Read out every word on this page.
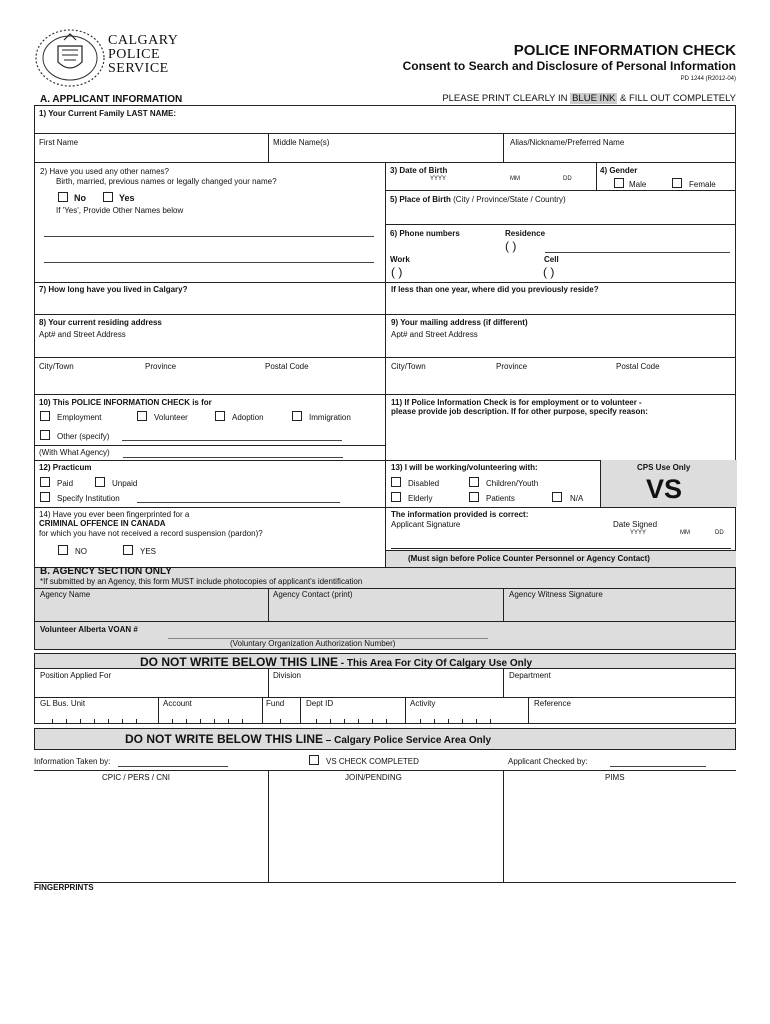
CALGARY
POLICE
SERVICE
POLICE INFORMATION CHECK
Consent to Search and Disclosure of Personal Information
PD 1244 (R2012-04)
A. APPLICANT INFORMATION	PLEASE PRINT CLEARLY IN BLUE INK & FILL OUT COMPLETELY
1) Your Current Family LAST NAME:
First Name	Middle Name(s)	Alias/Nickname/Preferred Name
2) Have you used any other names?
Birth, married, previous names or legally changed your name?
No	Yes
If 'Yes', Provide Other Names below
3) Date of Birth
YYYY	MM	DD
4) Gender
Male	Female
5) Place of Birth (City / Province/State / Country)
6) Phone numbers	Residence
( )
Work	Cell
( )	( )
7) How long have you lived in Calgary?	If less than one year, where did you previously reside?
8) Your current residing address
Apt# and Street Address
9) Your mailing address (if different)
Apt# and Street Address
City/Town	Province	Postal Code	City/Town	Province	Postal Code
10) This POLICE INFORMATION CHECK is for
Employment	Volunteer	Adoption	Immigration
Other (specify)
(With What Agency)
11) If Police Information Check is for employment or to volunteer -
please provide job description. If for other purpose, specify reason:
12) Practicum
Paid	Unpaid
Specify Institution
13) I will be working/volunteering with:
Disabled	Children/Youth
Elderly	Patients	N/A
CPS Use Only
VS
14) Have you ever been fingerprinted for a
CRIMINAL OFFENCE IN CANADA
for which you have not received a record suspension (pardon)?
NO	YES
The information provided is correct:
Applicant Signature	Date Signed
YYYY	MM	DD
(Must sign before Police Counter Personnel or Agency Contact)
B. AGENCY SECTION ONLY
*If submitted by an Agency, this form MUST include photocopies of applicant's identification
Agency Name	Agency Contact (print)	Agency Witness Signature
Volunteer Alberta VOAN #
(Voluntary Organization Authorization Number)
DO NOT WRITE BELOW THIS LINE - This Area For City Of Calgary Use Only
Position Applied For	Division	Department
GL Bus. Unit	Account	Fund	Dept ID	Activity	Reference
DO NOT WRITE BELOW THIS LINE – Calgary Police Service Area Only
Information Taken by:	VS CHECK COMPLETED	Applicant Checked by:
CPIC / PERS / CNI	JOIN/PENDING	PIMS
FINGERPRINTS
